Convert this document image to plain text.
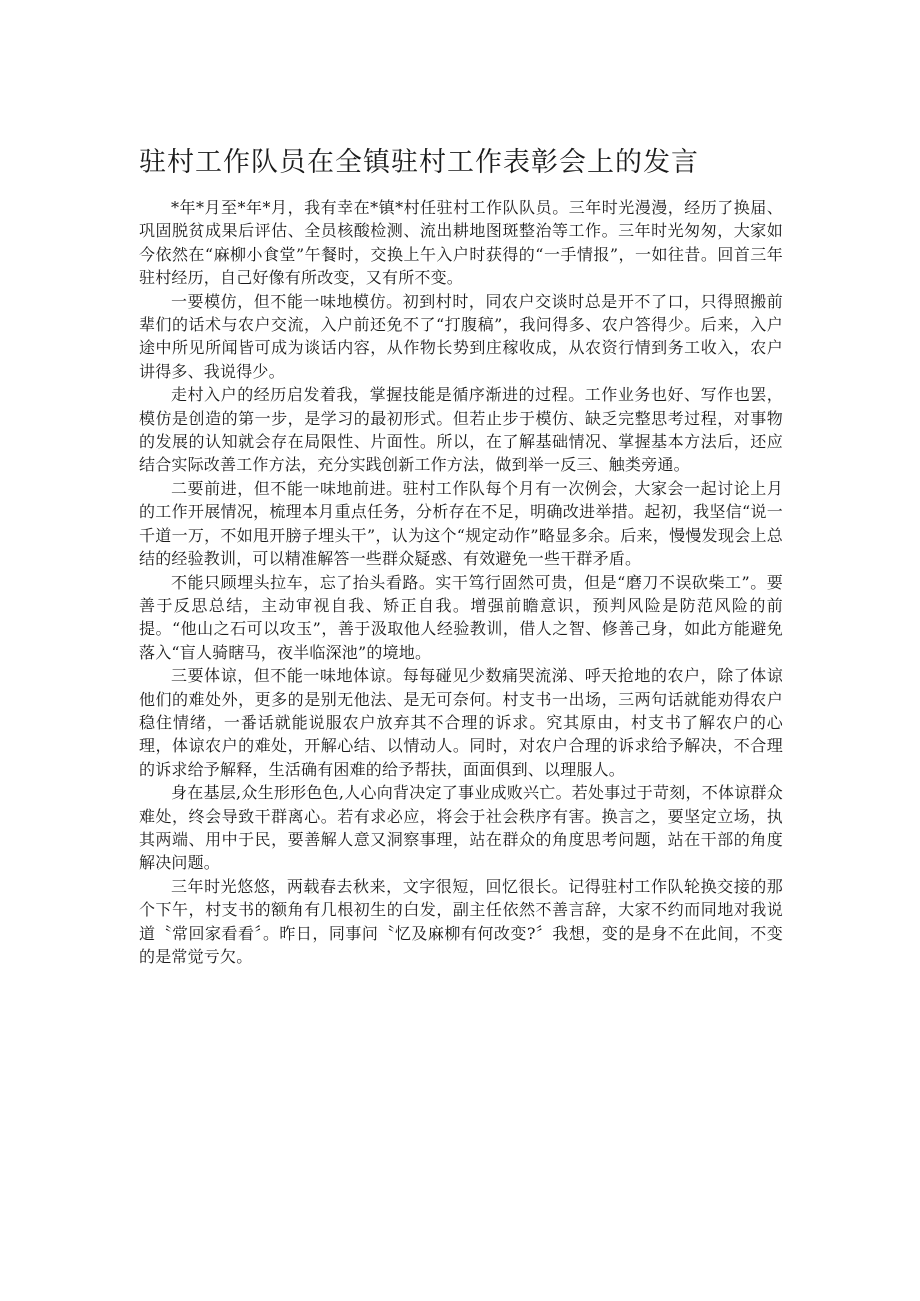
驻村工作队员在全镇驻村工作表彰会上的发言

*年*月至*年*月，我有幸在*镇*村任驻村工作队队员。三年时光漫漫，经历了换届、巩固脱贫成果后评估、全员核酸检测、流出耕地图斑整治等工作。三年时光匆匆，大家如今依然在“麻柳小食堂”午餐时，交换上午入户时获得的“一手情报”，一如往昔。回首三年驻村经历，自己好像有所改变，又有所不变。

一要模仿，但不能一味地模仿。初到村时，同农户交谈时总是开不了口，只得照搬前辈们的话术与农户交流，入户前还免不了“打腹稿”，我问得多、农户答得少。后来，入户途中所见所闻皆可成为谈话内容，从作物长势到庄稼收成，从农资行情到务工收入，农户讲得多、我说得少。

走村入户的经历启发着我，掌握技能是循序渐进的过程。工作业务也好、写作也罢，模仿是创造的第一步，是学习的最初形式。但若止步于模仿、缺乏完整思考过程，对事物的发展的认知就会存在局限性、片面性。所以，在了解基础情况、掌握基本方法后，还应结合实际改善工作方法，充分实践创新工作方法，做到举一反三、触类旁通。

二要前进，但不能一味地前进。驻村工作队每个月有一次例会，大家会一起讨论上月的工作开展情况，梳理本月重点任务，分析存在不足，明确改进举措。起初，我坚信“说一千道一万，不如甩开膀子埋头干”，认为这个“规定动作”略显多余。后来，慢慢发现会上总结的经验教训，可以精准解答一些群众疑惑、有效避免一些干群矛盾。

不能只顾埋头拉车，忘了抬头看路。实干笃行固然可贵，但是“磨刀不误砍柴工”。要善于反思总结，主动审视自我、矫正自我。增强前瞻意识，预判风险是防范风险的前提。“他山之石可以攻玉”，善于汲取他人经验教训，借人之智、修善己身，如此方能避免落入“盲人骑瞎马，夜半临深池”的境地。

三要体谅，但不能一味地体谅。每每碰见少数痛哭流涕、呼天抢地的农户，除了体谅他们的难处外，更多的是别无他法、是无可奈何。村支书一出场，三两句话就能劝得农户稳住情绪，一番话就能说服农户放弃其不合理的诉求。究其原由，村支书了解农户的心理，体谅农户的难处，开解心结、以情动人。同时，对农户合理的诉求给予解决，不合理的诉求给予解释，生活确有困难的给予帮扶，面面俱到、以理服人。

身在基层,众生形形色色,人心向背决定了事业成败兴亡。若处事过于苛刻，不体谅群众难处，终会导致干群离心。若有求必应，将会于社会秩序有害。换言之，要坚定立场，执其两端、用中于民，要善解人意又洞察事理，站在群众的角度思考问题，站在干部的角度解决问题。

三年时光悠悠，两载春去秋来，文字很短，回忆很长。记得驻村工作队轮换交接的那个下午，村支书的额角有几根初生的白发，副主任依然不善言辞，大家不约而同地对我说道〝常回家看看〞。昨日，同事问〝忆及麻柳有何改变?〞我想，变的是身不在此间，不变的是常觉亏欠。
